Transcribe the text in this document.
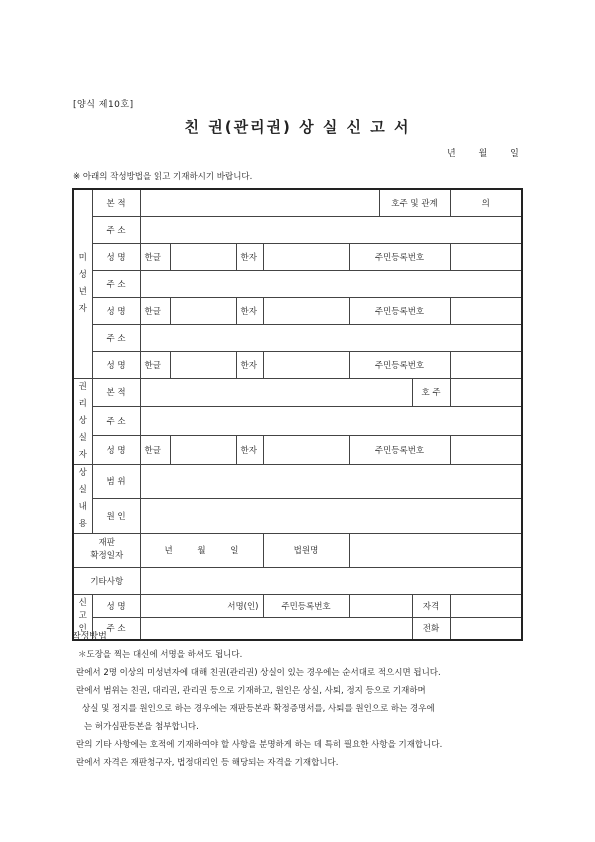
[양식 제10호]
친 권(관리권) 상 실 신 고 서
년 월 일
※ 아래의 작성방법을 읽고 기재하시기 바랍니다.
미
성
년
자	본 적						호주 및 관계		의
	주 소								
	성 명	한글		한자		주민등록번호			
	주 소								
	성 명	한글		한자		주민등록번호			
	주 소								
	성 명	한글		한자		주민등록번호			
권
리
상
실
자	본 적							호 주	
	주 소								
	성 명	한글		한자		주민등록번호			
상실
내용	범 위								
	원 인								
재판
확정일자		년 월 일			법원명				
기타사항									
신
고
인	성 명	서명(인)			주민등록번호			자격	
	주 소							전화	

작성방법

＊도장을 찍는 대신에 서명을 하셔도 됩니다.

란에서 2명 이상의 미성년자에 대해 친권(관리권) 상실이 있는 경우에는 순서대로 적으시면 됩니다.

란에서 범위는 친권, 대리권, 관리권 등으로 기재하고, 원인은 상실, 사퇴, 정지 등으로 기재하며

상실 및 정지를 원인으로 하는 경우에는 재판등본과 확정증명서를, 사퇴를 원인으로 하는 경우에

는 허가심판등본을 첨부합니다.

란의 기타 사항에는 호적에 기재하여야 할 사항을 분명하게 하는 데 특히 필요한 사항을 기재합니다.

란에서 자격은 재판청구자, 법정대리인 등 해당되는 자격을 기재합니다.
